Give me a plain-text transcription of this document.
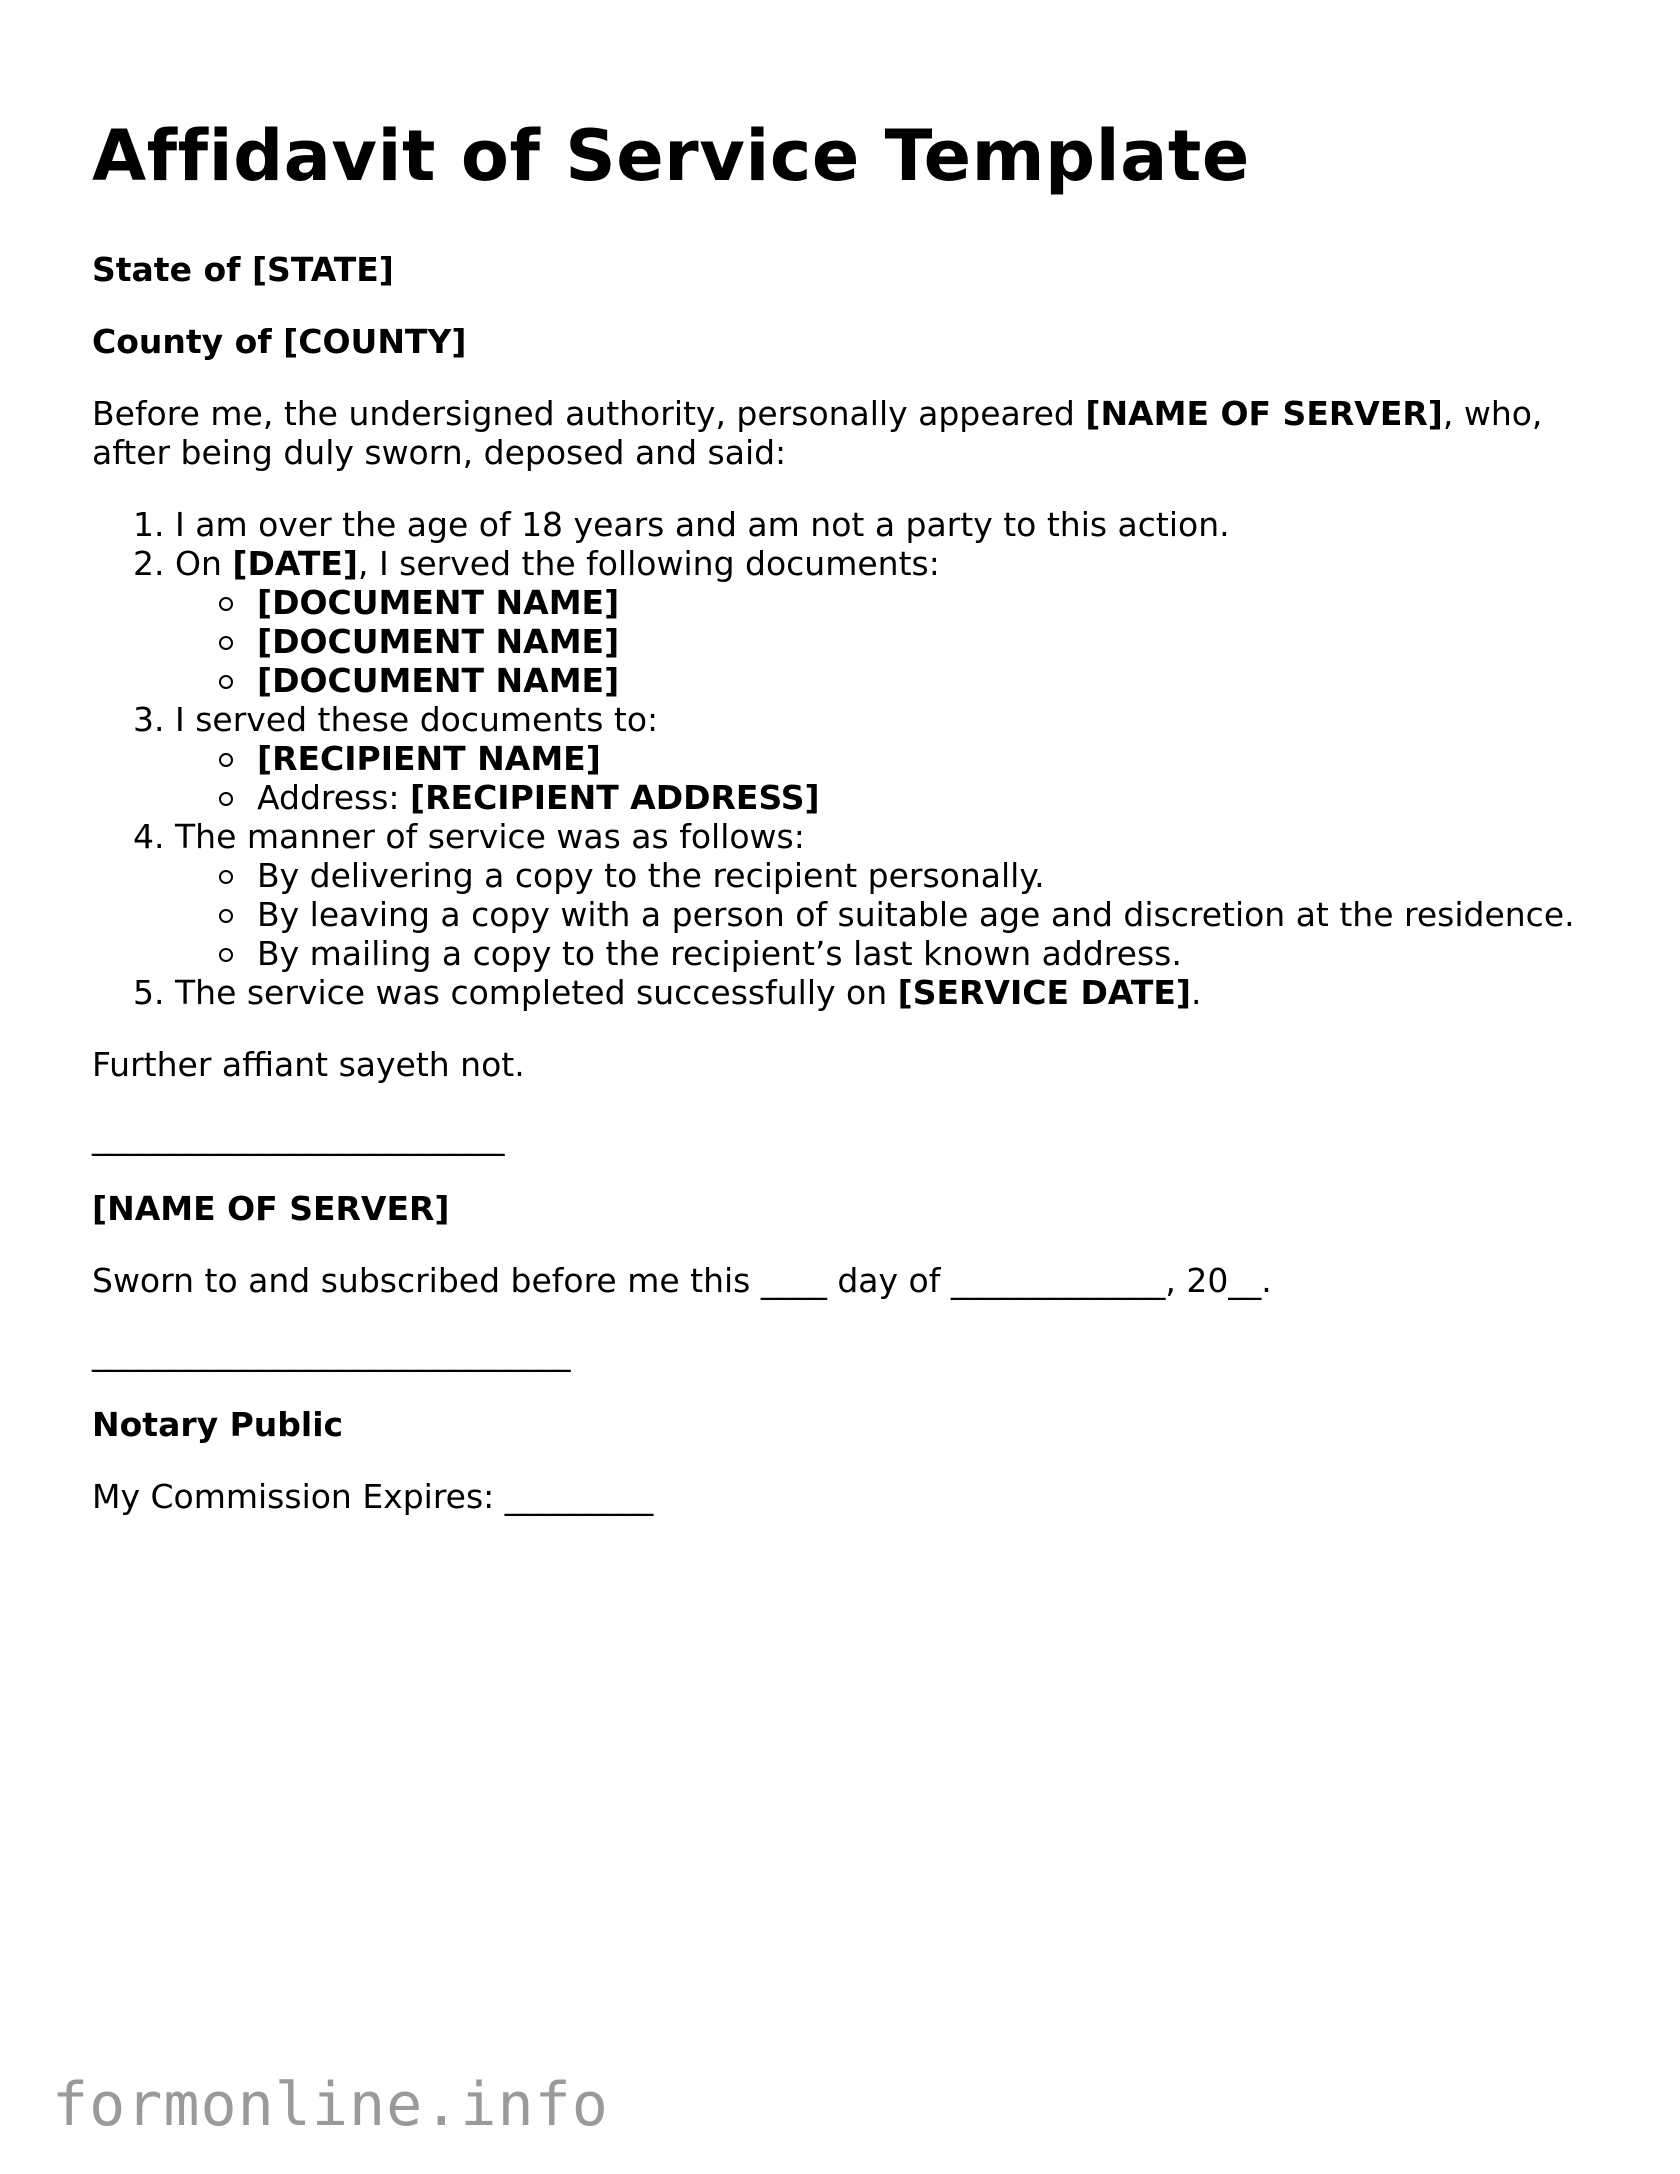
Affidavit of Service Template

State of [STATE]

County of [COUNTY]

Before me, the undersigned authority, personally appeared [NAME OF SERVER], who, after being duly sworn, deposed and said:

1. I am over the age of 18 years and am not a party to this action.
2. On [DATE], I served the following documents:
[DOCUMENT NAME]
[DOCUMENT NAME]
[DOCUMENT NAME]
3. I served these documents to:
[RECIPIENT NAME]
Address: [RECIPIENT ADDRESS]
4. The manner of service was as follows:
By delivering a copy to the recipient personally.
By leaving a copy with a person of suitable age and discretion at the residence.
By mailing a copy to the recipient’s last known address.
5. The service was completed successfully on [SERVICE DATE].

Further affiant sayeth not.

_________________________

[NAME OF SERVER]

Sworn to and subscribed before me this ____ day of _____________, 20__.

_____________________________

Notary Public

My Commission Expires: _________

formonline.info
